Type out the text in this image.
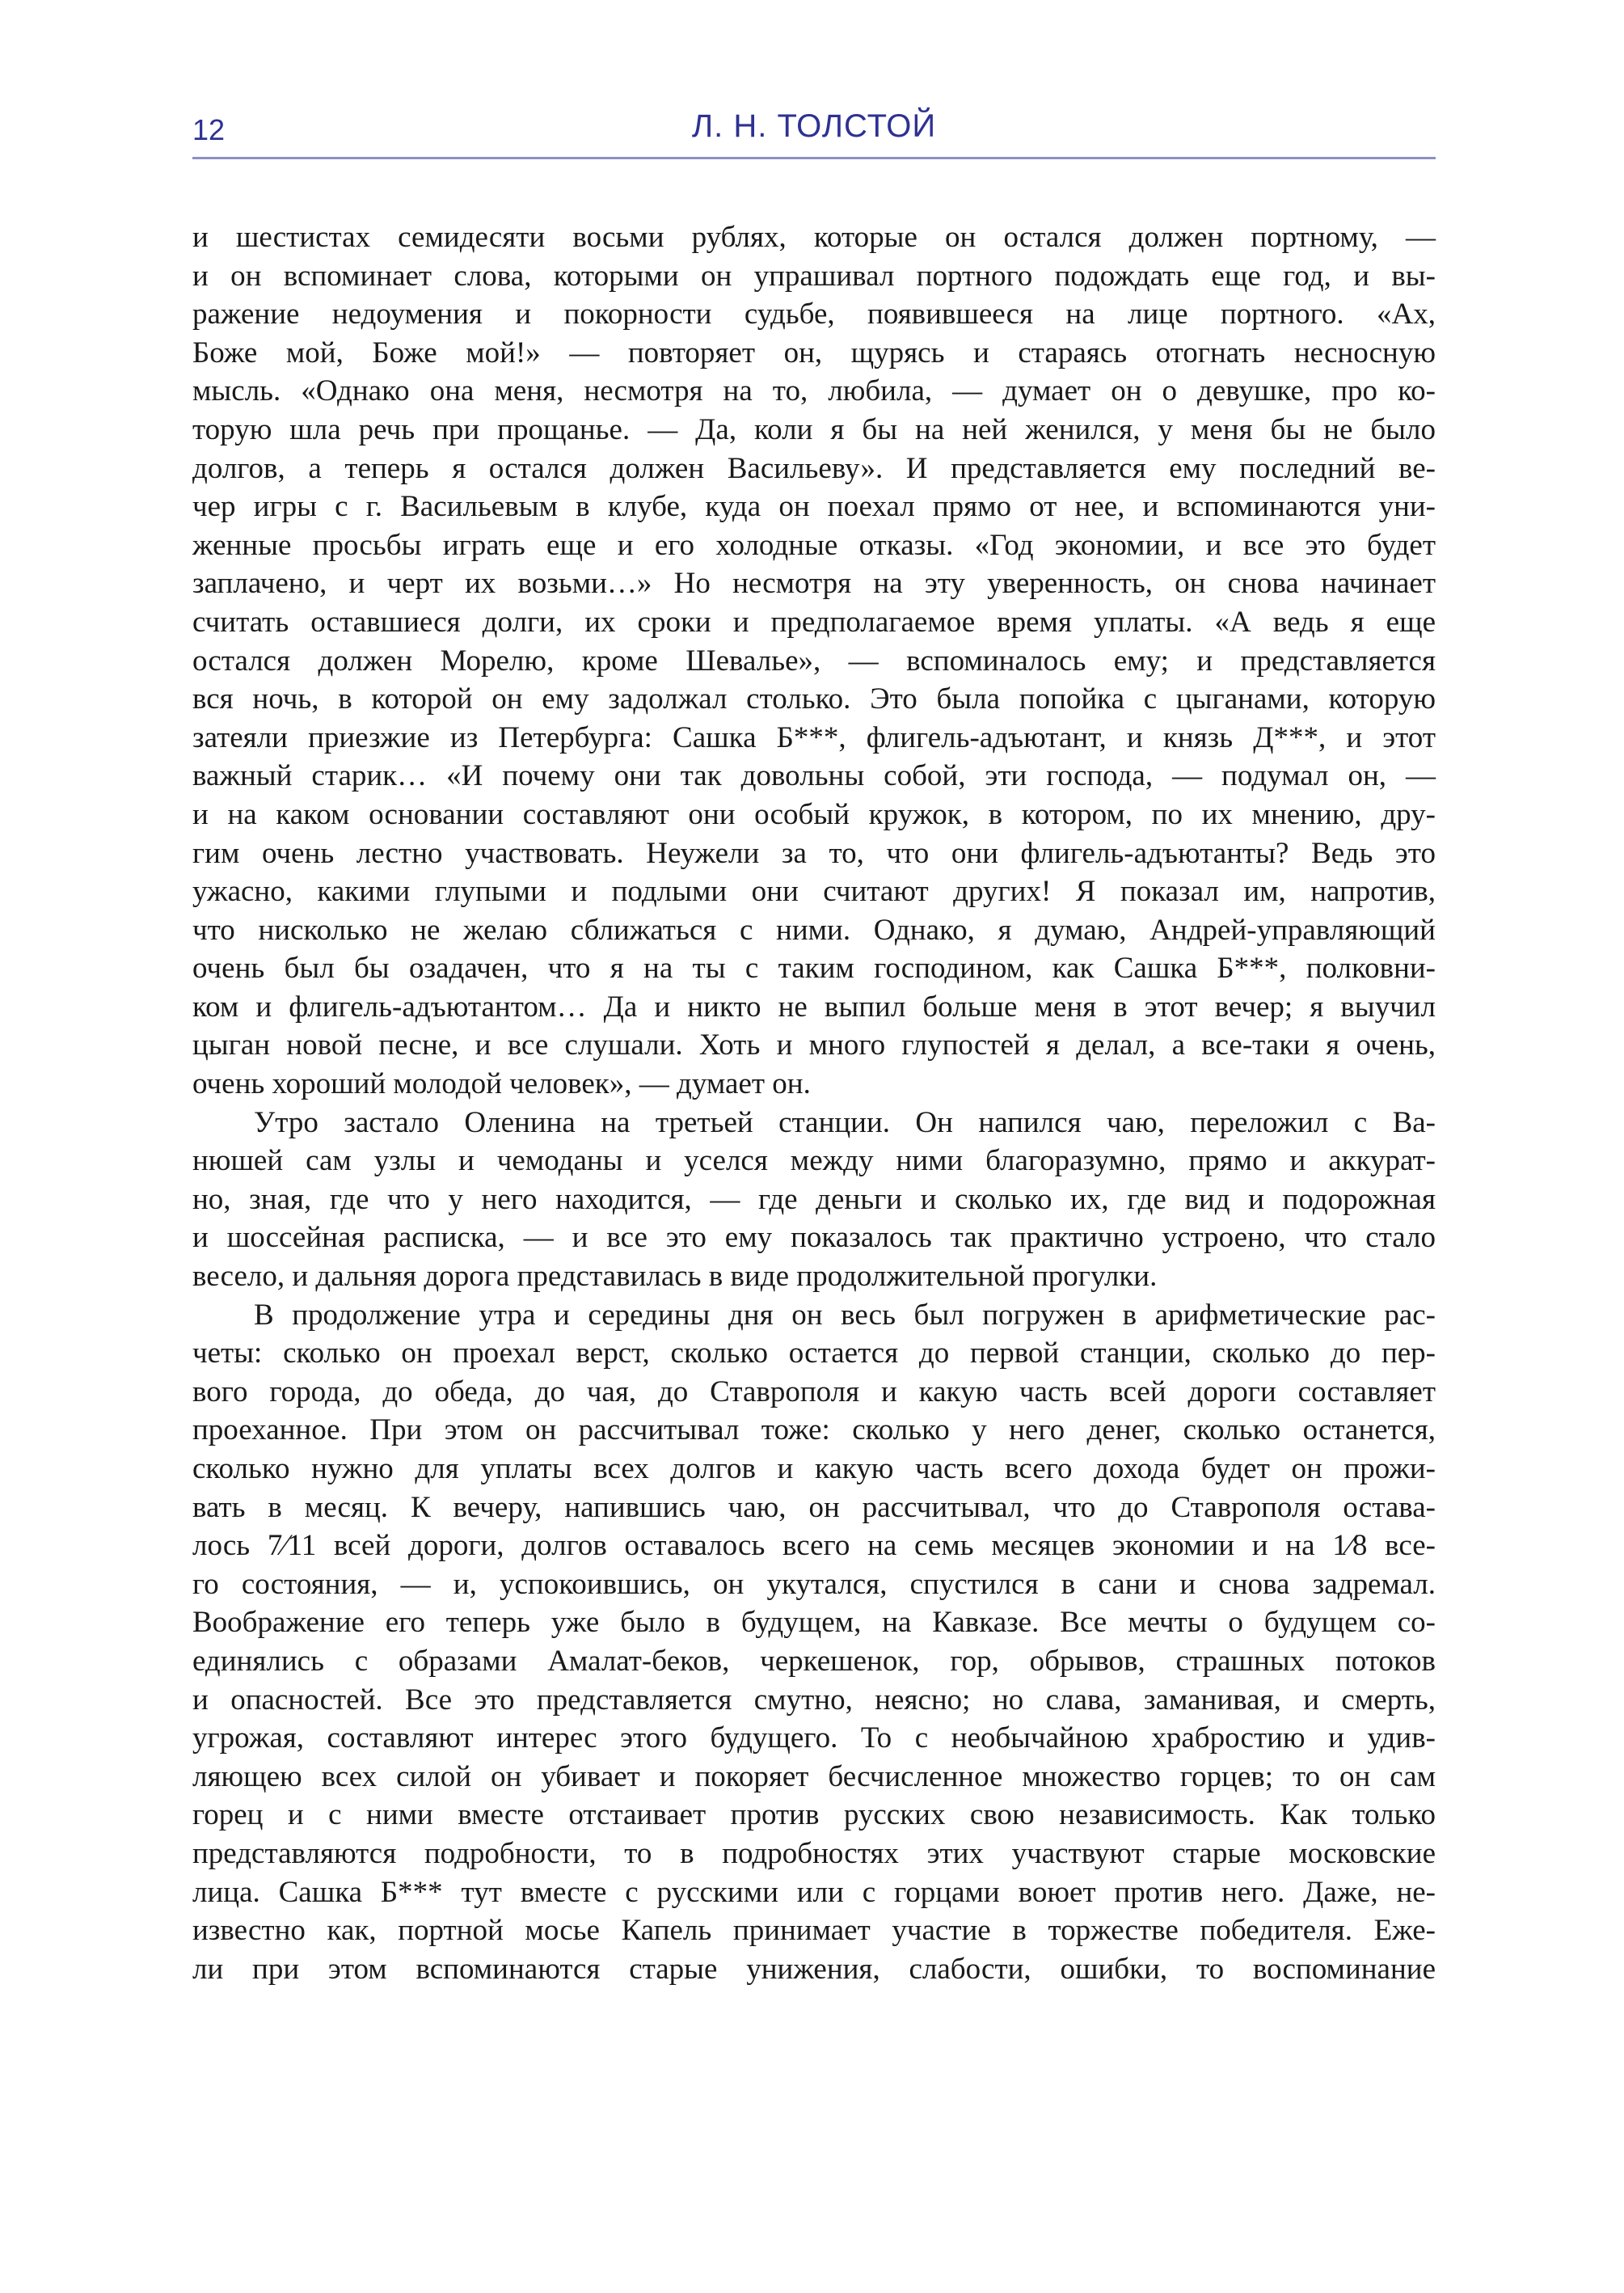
12	Л. Н. ТОЛСТОЙ
и шестистах семидесяти восьми рублях, которые он остался должен портному, —
и он вспоминает слова, которыми он упрашивал портного подождать еще год, и вы-
ражение недоумения и покорности судьбе, появившееся на лице портного. «Ах,
Боже мой, Боже мой!» — повторяет он, щурясь и стараясь отогнать несносную
мысль. «Однако она меня, несмотря на то, любила, — думает он о девушке, про ко-
торую шла речь при прощанье. — Да, коли я бы на ней женился, у меня бы не было
долгов, а теперь я остался должен Васильеву». И представляется ему последний ве-
чер игры с г. Васильевым в клубе, куда он поехал прямо от нее, и вспоминаются уни-
женные просьбы играть еще и его холодные отказы. «Год экономии, и все это будет
заплачено, и черт их возьми…» Но несмотря на эту уверенность, он снова начинает
считать оставшиеся долги, их сроки и предполагаемое время уплаты. «А ведь я еще
остался должен Морелю, кроме Шевалье», — вспоминалось ему; и представляется
вся ночь, в которой он ему задолжал столько. Это была попойка с цыганами, которую
затеяли приезжие из Петербурга: Сашка Б***, флигель-адъютант, и князь Д***, и этот
важный старик… «И почему они так довольны собой, эти господа, — подумал он, —
и на каком основании составляют они особый кружок, в котором, по их мнению, дру-
гим очень лестно участвовать. Неужели за то, что они флигель-адъютанты? Ведь это
ужасно, какими глупыми и подлыми они считают других! Я показал им, напротив,
что нисколько не желаю сближаться с ними. Однако, я думаю, Андрей-управляющий
очень был бы озадачен, что я на ты с таким господином, как Сашка Б***, полковни-
ком и флигель-адъютантом… Да и никто не выпил больше меня в этот вечер; я выучил
цыган новой песне, и все слушали. Хоть и много глупостей я делал, а все-таки я очень,
очень хороший молодой человек», — думает он.
Утро застало Оленина на третьей станции. Он напился чаю, переложил с Ва-
нюшей сам узлы и чемоданы и уселся между ними благоразумно, прямо и аккурат-
но, зная, где что у него находится, — где деньги и сколько их, где вид и подорожная
и шоссейная расписка, — и все это ему показалось так практично устроено, что стало
весело, и дальняя дорога представилась в виде продолжительной прогулки.
В продолжение утра и середины дня он весь был погружен в арифметические рас-
четы: сколько он проехал верст, сколько остается до первой станции, сколько до пер-
вого города, до обеда, до чая, до Ставрополя и какую часть всей дороги составляет
проеханное. При этом он рассчитывал тоже: сколько у него денег, сколько останется,
сколько нужно для уплаты всех долгов и какую часть всего дохода будет он прожи-
вать в месяц. К вечеру, напившись чаю, он рассчитывал, что до Ставрополя остава-
лось 7⁄11 всей дороги, долгов оставалось всего на семь месяцев экономии и на 1⁄8 все-
го состояния, — и, успокоившись, он укутался, спустился в сани и снова задремал.
Воображение его теперь уже было в будущем, на Кавказе. Все мечты о будущем со-
единялись с образами Амалат-беков, черкешенок, гор, обрывов, страшных потоков
и опасностей. Все это представляется смутно, неясно; но слава, заманивая, и смерть,
угрожая, составляют интерес этого будущего. То с необычайною храбростию и удив-
ляющею всех силой он убивает и покоряет бесчисленное множество горцев; то он сам
горец и с ними вместе отстаивает против русских свою независимость. Как только
представляются подробности, то в подробностях этих участвуют старые московские
лица. Сашка Б*** тут вместе с русскими или с горцами воюет против него. Даже, не-
известно как, портной мосье Капель принимает участие в торжестве победителя. Еже-
ли при этом вспоминаются старые унижения, слабости, ошибки, то воспоминание
